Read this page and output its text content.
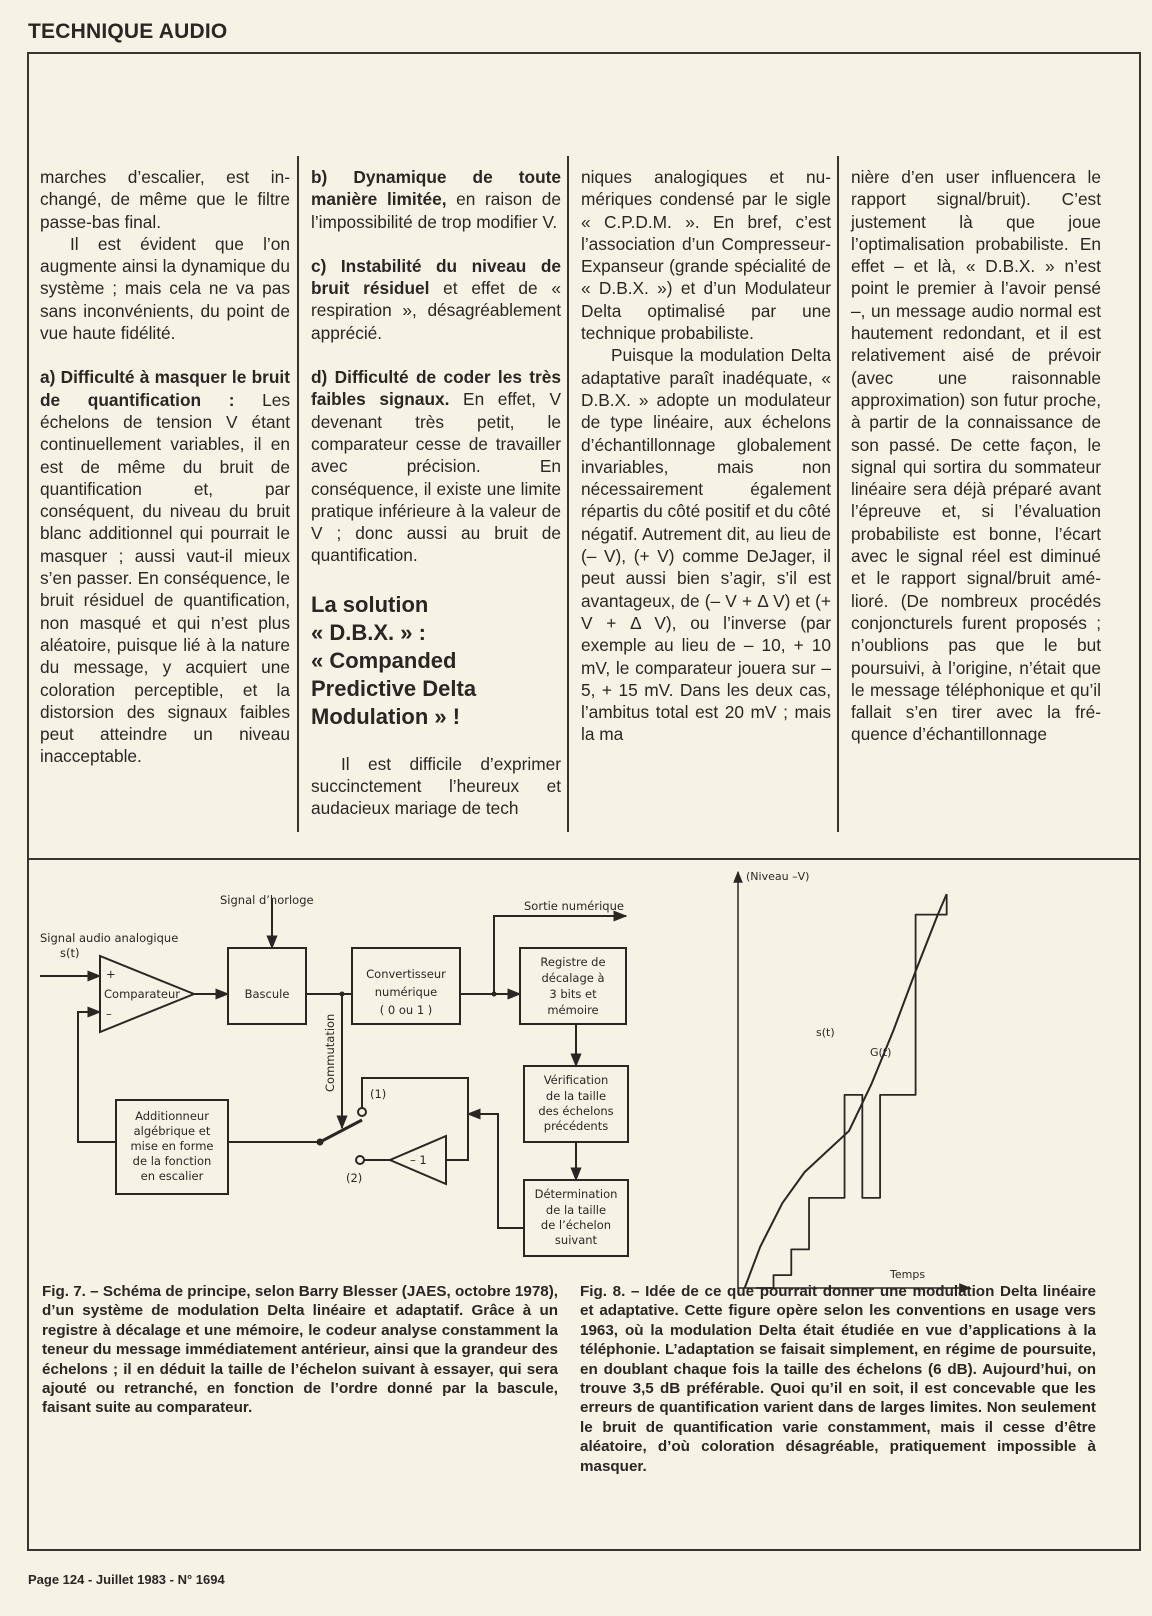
TECHNIQUE AUDIO

marches d’escalier, est inchangé, de même que le filtre passe-bas final.

Il est évident que l’on augmente ainsi la dynamique du système ; mais cela ne va pas sans inconvénients, du point de vue haute fidélité.

a) Difficulté à masquer le bruit de quantification : Les échelons de tension V étant continuellement variables, il en est de même du bruit de quantification et, par conséquent, du niveau du bruit blanc additionnel qui pourrait le masquer ; aussi vaut-il mieux s’en passer. En conséquence, le bruit résiduel de quantification, non masqué et qui n’est plus aléatoire, puisque lié à la nature du message, y acquiert une coloration perceptible, et la distorsion des signaux faibles peut atteindre un niveau inacceptable.

b) Dynamique de toute manière limitée, en raison de l’impossibilité de trop modifier V.

c) Instabilité du niveau de bruit résiduel et effet de « respiration », désagréablement apprécié.

d) Difficulté de coder les très faibles signaux. En effet, V devenant très petit, le comparateur cesse de travailler avec précision. En conséquence, il existe une limite pratique inférieure à la valeur de V ; donc aussi au bruit de quantification.

La solution
« D.B.X. » :
« Companded
Predictive Delta
Modulation » !

Il est difficile d’exprimer succinctement l’heureux et audacieux mariage de tech

niques analogiques et numériques condensé par le sigle « C.P.D.M. ». En bref, c’est l’association d’un Compresseur-Expanseur (grande spécialité de « D.B.X. ») et d’un Modulateur Delta optimalisé par une technique probabiliste.

Puisque la modulation Delta adaptative paraît inadéquate, « D.B.X. » adopte un modulateur de type linéaire, aux échelons d’échantillonnage globalement invariables, mais non nécessairement également répartis du côté positif et du côté négatif. Autrement dit, au lieu de (– V), (+ V) comme DeJager, il peut aussi bien s’agir, s’il est avantageux, de (– V + Δ V) et (+ V + Δ V), ou l’inverse (par exemple au lieu de – 10, + 10 mV, le comparateur jouera sur – 5, + 15 mV. Dans les deux cas, l’ambitus total est 20 mV ; mais la ma

nière d’en user influencera le rapport signal/bruit). C’est justement là que joue l’optimalisation probabiliste. En effet – et là, « D.B.X. » n’est point le premier à l’avoir pensé –, un message audio normal est hautement redondant, et il est relativement aisé de prévoir (avec une raisonnable approximation) son futur proche, à partir de la connaissance de son passé. De cette façon, le signal qui sortira du sommateur linéaire sera déjà préparé avant l’épreuve et, si l’évaluation probabiliste est bonne, l’écart avec le signal réel est diminué et le rapport signal/bruit amélioré. (De nombreux procédés conjoncturels furent proposés ; n’oublions pas que le but poursuivi, à l’origine, n’était que le message téléphonique et qu’il fallait s’en tirer avec la fréquence d’échantillonnage

Signal audio analogique
s(t)
+
–
Comparateur
Signal d’horloge
Bascule
Convertisseur
numérique
( 0 ou 1 )
Sortie numérique
Registre de
décalage à
3 bits et
mémoire
Vérification
de la taille
des échelons
précédents
Détermination
de la taille
de l’échelon
suivant
Additionneur
algébrique et
mise en forme
de la fonction
en escalier
Commutation
(1)
(2)
– 1
(Niveau –V)
Temps
s(t)
G(t)
Fig. 7. – Schéma de principe, selon Barry Blesser (JAES, octobre 1978), d’un système de modulation Delta linéaire et adaptatif. Grâce à un registre à décalage et une mémoire, le codeur analyse constamment la teneur du message immédiatement antérieur, ainsi que la grandeur des échelons ; il en déduit la taille de l’échelon suivant à essayer, qui sera ajouté ou retranché, en fonction de l’ordre donné par la bascule, faisant suite au comparateur.
Fig. 8. – Idée de ce que pourrait donner une modulation Delta linéaire et adaptative. Cette figure opère selon les conventions en usage vers 1963, où la modulation Delta était étudiée en vue d’applications à la téléphonie. L’adaptation se faisait simplement, en régime de poursuite, en doublant chaque fois la taille des échelons (6 dB). Aujourd’hui, on trouve 3,5 dB préférable. Quoi qu’il en soit, il est concevable que les erreurs de quantification varient dans de larges limites. Non seulement le bruit de quantification varie constamment, mais il cesse d’être aléatoire, d’où coloration désagréable, pratiquement impossible à masquer.
Page 124 - Juillet 1983 - N° 1694
